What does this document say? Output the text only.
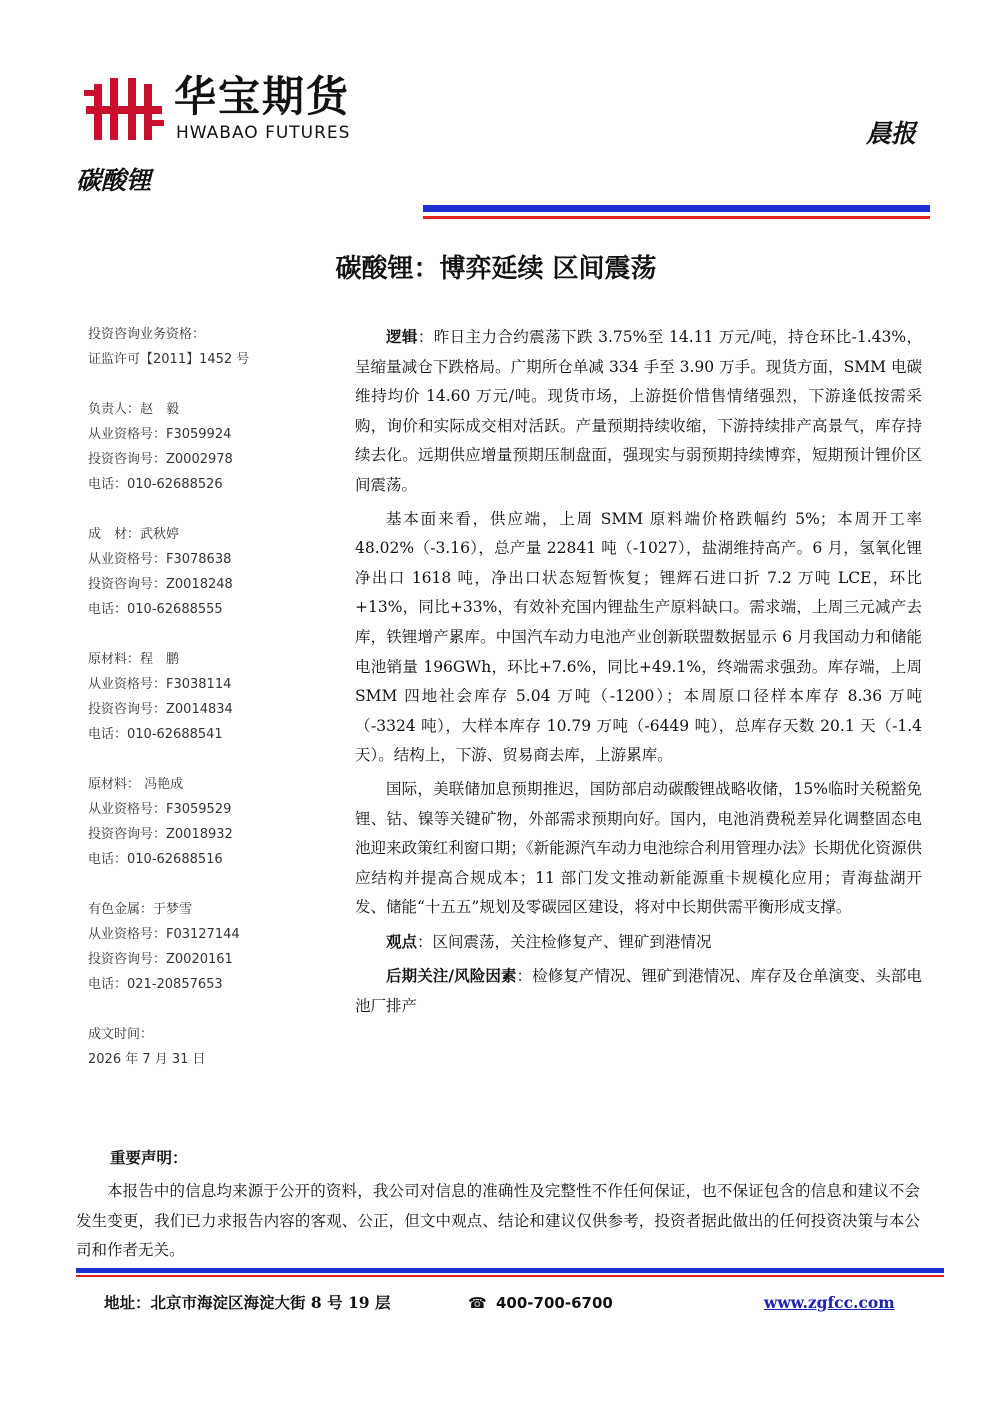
华宝期货
HWABAO FUTURES	晨报
碳酸锂
碳酸锂：博弈延续 区间震荡
投资咨询业务资格：
证监许可【2011】1452 号
负责人：赵　毅
从业资格号：F3059924
投资咨询号：Z0002978
电话：010-62688526
成　材：武秋婷
从业资格号：F3078638
投资咨询号：Z0018248
电话：010-62688555
原材料：程　鹏
从业资格号：F3038114
投资咨询号：Z0014834
电话：010-62688541
原材料： 冯艳成
从业资格号：F3059529
投资咨询号：Z0018932
电话：010-62688516
有色金属：于梦雪
从业资格号：F03127144
投资咨询号：Z0020161
电话：021-20857653
成文时间：
2026 年 7 月 31 日

逻辑：昨日主力合约震荡下跌 3.75%至 14.11 万元/吨，持仓环比-1.43%，呈缩量减仓下跌格局。广期所仓单减 334 手至 3.90 万手。现货方面，SMM 电碳维持均价 14.60 万元/吨。现货市场，上游挺价惜售情绪强烈，下游逢低按需采购，询价和实际成交相对活跃。产量预期持续收缩，下游持续排产高景气，库存持续去化。远期供应增量预期压制盘面，强现实与弱预期持续博弈，短期预计锂价区间震荡。

基本面来看，供应端，上周 SMM 原料端价格跌幅约 5%；本周开工率 48.02%（-3.16），总产量 22841 吨（-1027），盐湖维持高产。6 月，氢氧化锂净出口 1618 吨，净出口状态短暂恢复；锂辉石进口折 7.2 万吨 LCE，环比+13%，同比+33%，有效补充国内锂盐生产原料缺口。需求端，上周三元减产去库，铁锂增产累库。中国汽车动力电池产业创新联盟数据显示 6 月我国动力和储能电池销量 196GWh，环比+7.6%，同比+49.1%，终端需求强劲。库存端，上周 SMM 四地社会库存 5.04 万吨（-1200）；本周原口径样本库存 8.36 万吨（-3324 吨），大样本库存 10.79 万吨（-6449 吨），总库存天数 20.1 天（-1.4 天）。结构上，下游、贸易商去库，上游累库。

国际，美联储加息预期推迟，国防部启动碳酸锂战略收储，15%临时关税豁免锂、钴、镍等关键矿物，外部需求预期向好。国内，电池消费税差异化调整固态电池迎来政策红利窗口期；《新能源汽车动力电池综合利用管理办法》长期优化资源供应结构并提高合规成本；11 部门发文推动新能源重卡规模化应用；青海盐湖开发、储能“十五五”规划及零碳园区建设，将对中长期供需平衡形成支撑。

观点：区间震荡，关注检修复产、锂矿到港情况

后期关注/风险因素：检修复产情况、锂矿到港情况、库存及仓单演变、头部电池厂排产

重要声明：
本报告中的信息均来源于公开的资料，我公司对信息的准确性及完整性不作任何保证，也不保证包含的信息和建议不会发生变更，我们已力求报告内容的客观、公正，但文中观点、结论和建议仅供参考，投资者据此做出的任何投资决策与本公司和作者无关。
地址：北京市海淀区海淀大街 8 号 19 层	☎ 400-700-6700	www.zgfcc.com
